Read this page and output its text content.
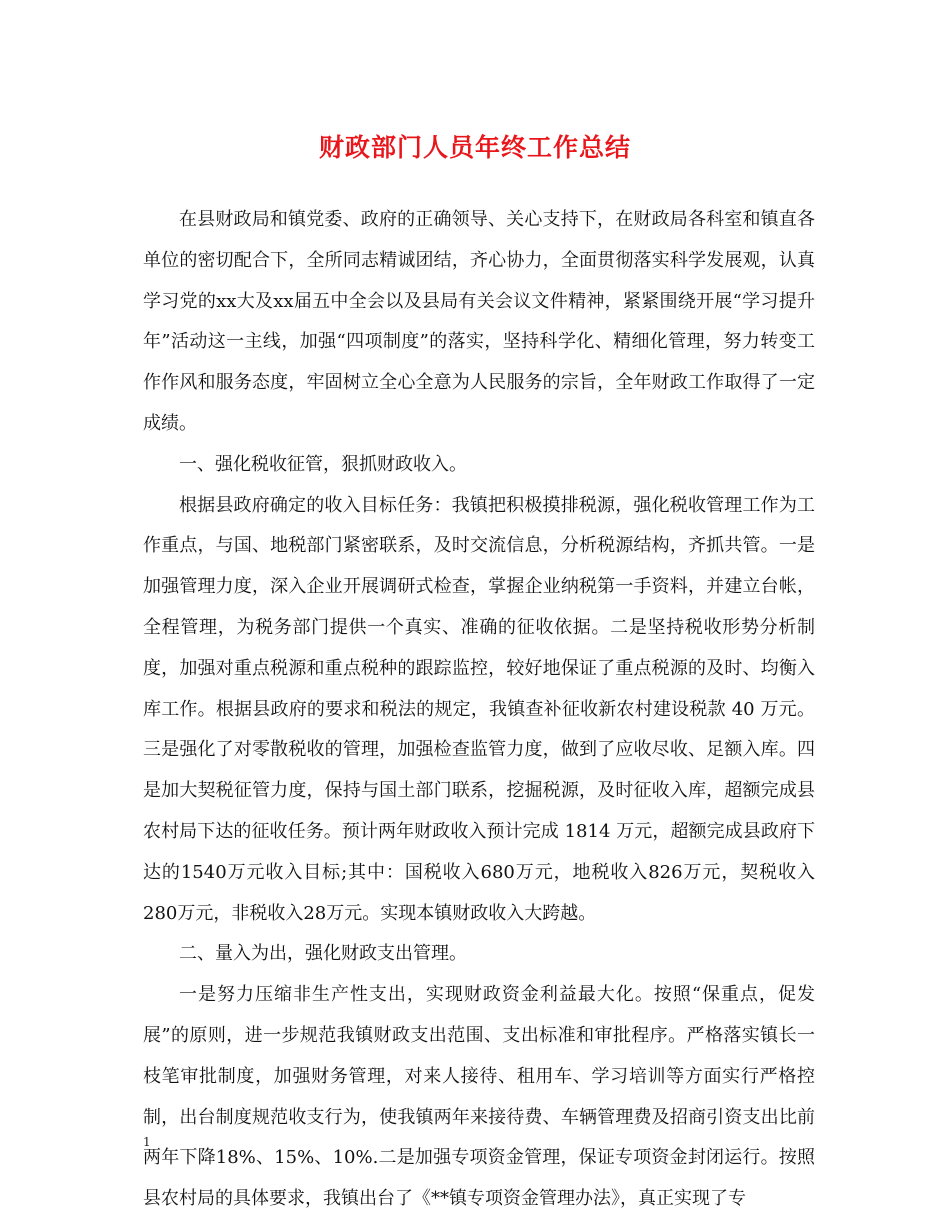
财政部门人员年终工作总结

在县财政局和镇党委、政府的正确领导、关心支持下，在财政局各科室和镇直各单位的密切配合下，全所同志精诚团结，齐心协力，全面贯彻落实科学发展观，认真学习党的xx大及xx届五中全会以及县局有关会议文件精神，紧紧围绕开展“学习提升年”活动这一主线，加强“四项制度”的落实，坚持科学化、精细化管理，努力转变工作作风和服务态度，牢固树立全心全意为人民服务的宗旨，全年财政工作取得了一定成绩。

一、强化税收征管，狠抓财政收入。

根据县政府确定的收入目标任务：我镇把积极摸排税源，强化税收管理工作为工作重点，与国、地税部门紧密联系，及时交流信息，分析税源结构，齐抓共管。一是加强管理力度，深入企业开展调研式检查，掌握企业纳税第一手资料，并建立台帐，全程管理，为税务部门提供一个真实、准确的征收依据。二是坚持税收形势分析制度，加强对重点税源和重点税种的跟踪监控，较好地保证了重点税源的及时、均衡入库工作。根据县政府的要求和税法的规定，我镇查补征收新农村建设税款 40 万元。三是强化了对零散税收的管理，加强检查监管力度，做到了应收尽收、足额入库。四是加大契税征管力度，保持与国土部门联系，挖掘税源，及时征收入库，超额完成县农村局下达的征收任务。预计两年财政收入预计完成 1814 万元，超额完成县政府下达的1540万元收入目标;其中：国税收入680万元，地税收入826万元，契税收入280万元，非税收入28万元。实现本镇财政收入大跨越。

二、量入为出，强化财政支出管理。

一是努力压缩非生产性支出，实现财政资金利益最大化。按照“保重点，促发展”的原则，进一步规范我镇财政支出范围、支出标准和审批程序。严格落实镇长一枝笔审批制度，加强财务管理，对来人接待、租用车、学习培训等方面实行严格控制，出台制度规范收支行为，使我镇两年来接待费、车辆管理费及招商引资支出比前两年下降18%、15%、10%.二是加强专项资金管理，保证专项资金封闭运行。按照县农村局的具体要求，我镇出台了《**镇专项资金管理办法》，真正实现了专

1
